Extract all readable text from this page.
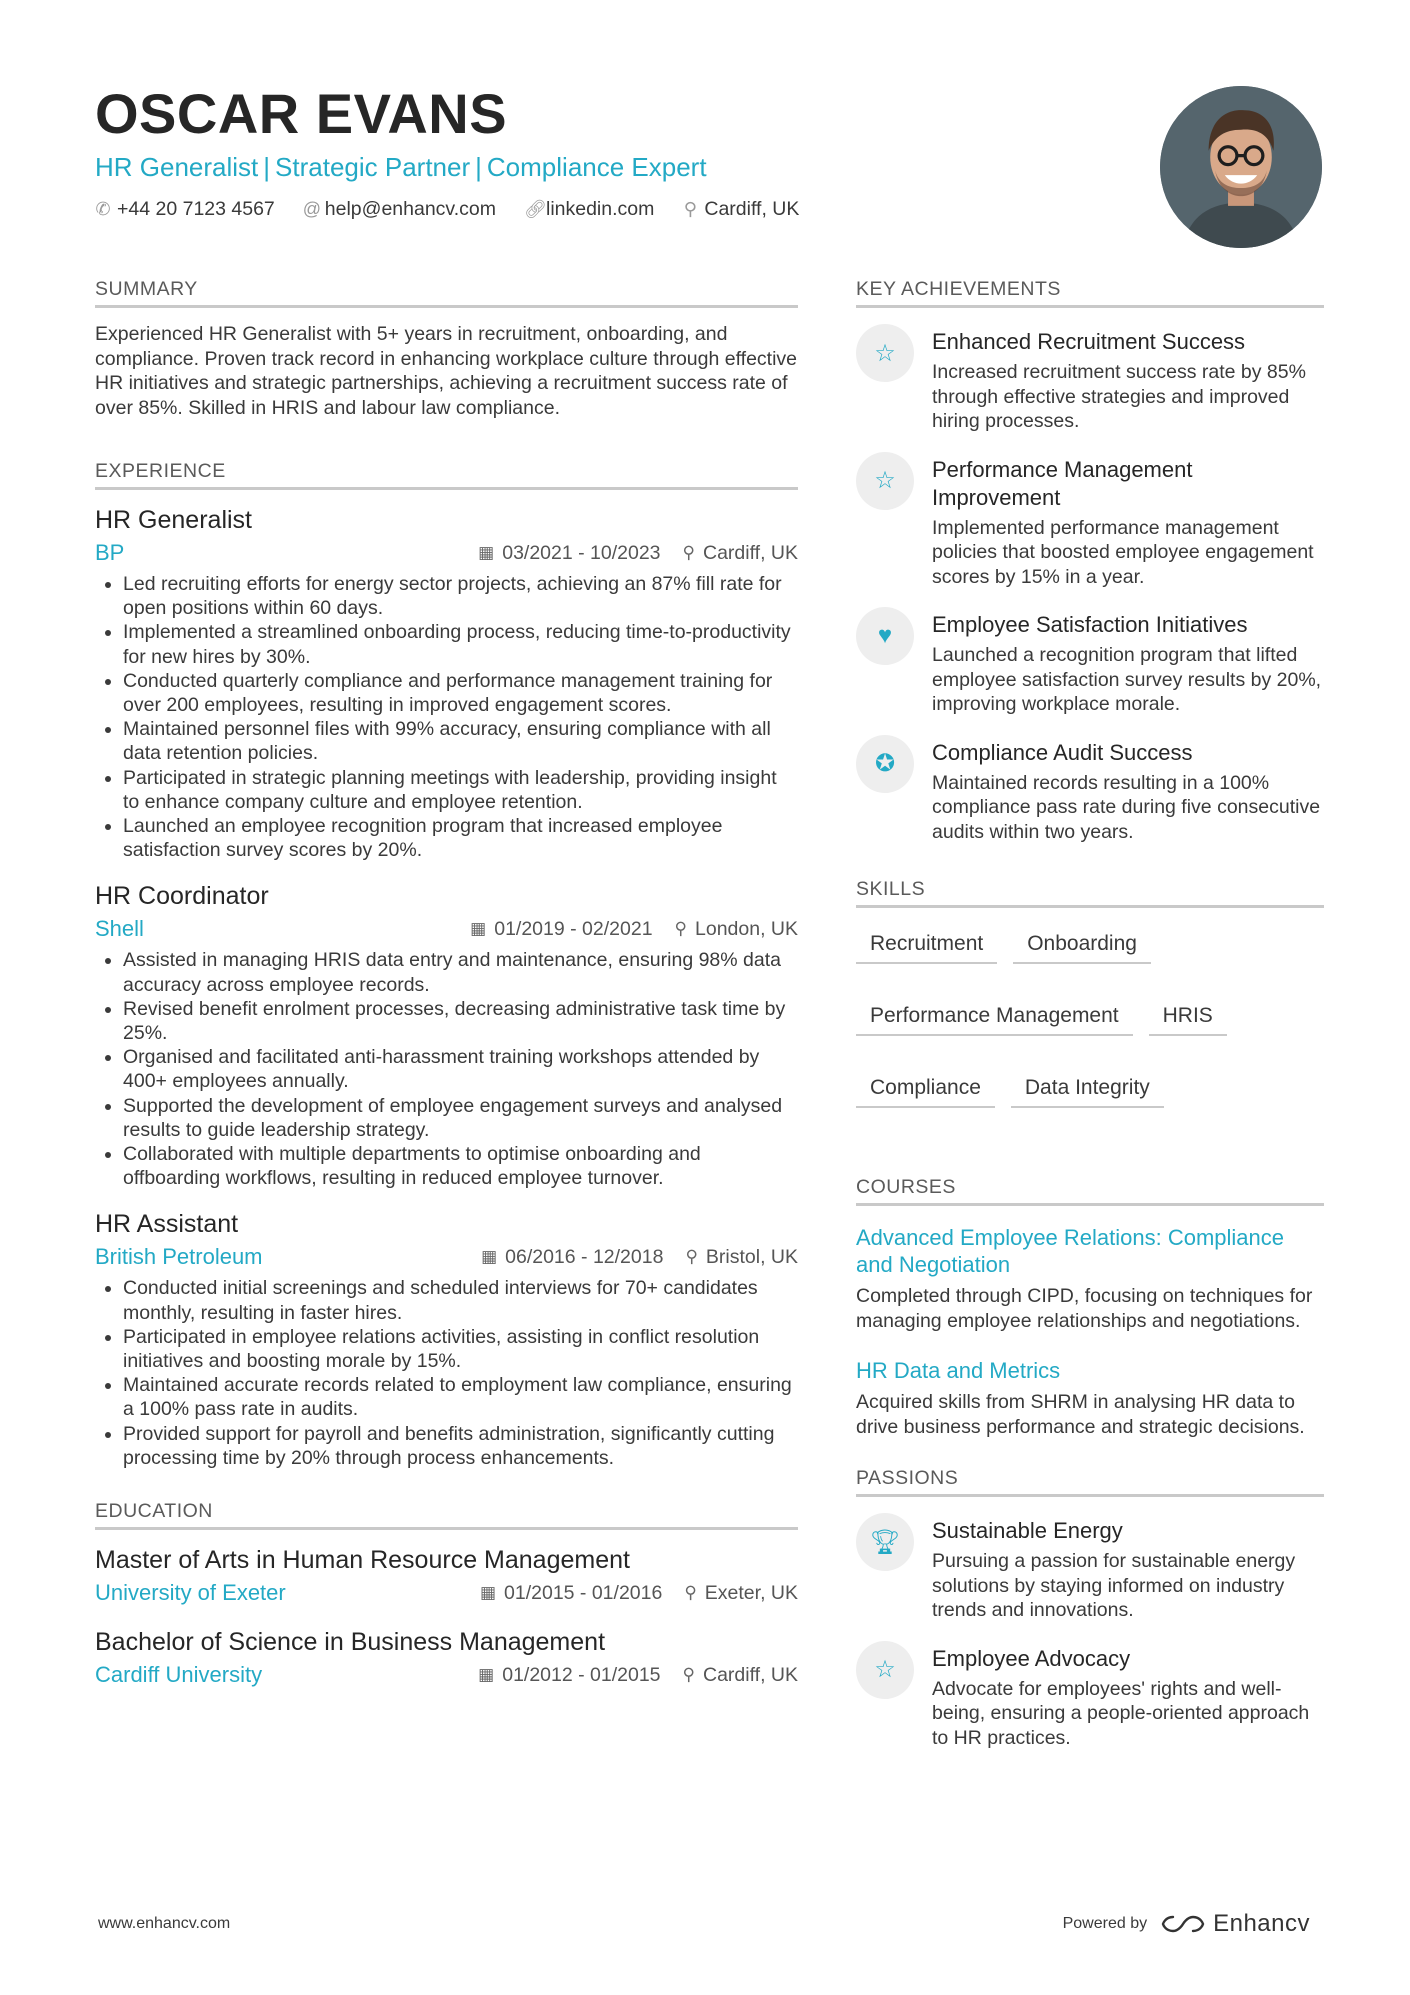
OSCAR EVANS
HR Generalist | Strategic Partner | Compliance Expert
✆ +44 20 7123 4567 @ help@enhancv.com 🔗︎ linkedin.com ⚲ Cardiff, UK
SUMMARY
Experienced HR Generalist with 5+ years in recruitment, onboarding, and compliance. Proven track record in enhancing workplace culture through effective HR initiatives and strategic partnerships, achieving a recruitment success rate of over 85%. Skilled in HRIS and labour law compliance.
EXPERIENCE
HR Generalist
BP	▦ 03/2021 - 10/2023 ⚲ Cardiff, UK
• Led recruiting efforts for energy sector projects, achieving an 87% fill rate for open positions within 60 days.
• Implemented a streamlined onboarding process, reducing time-to-productivity for new hires by 30%.
• Conducted quarterly compliance and performance management training for over 200 employees, resulting in improved engagement scores.
• Maintained personnel files with 99% accuracy, ensuring compliance with all data retention policies.
• Participated in strategic planning meetings with leadership, providing insight to enhance company culture and employee retention.
• Launched an employee recognition program that increased employee satisfaction survey scores by 20%.
HR Coordinator
Shell	▦ 01/2019 - 02/2021 ⚲ London, UK
• Assisted in managing HRIS data entry and maintenance, ensuring 98% data accuracy across employee records.
• Revised benefit enrolment processes, decreasing administrative task time by 25%.
• Organised and facilitated anti-harassment training workshops attended by 400+ employees annually.
• Supported the development of employee engagement surveys and analysed results to guide leadership strategy.
• Collaborated with multiple departments to optimise onboarding and offboarding workflows, resulting in reduced employee turnover.
HR Assistant
British Petroleum	▦ 06/2016 - 12/2018 ⚲ Bristol, UK
• Conducted initial screenings and scheduled interviews for 70+ candidates monthly, resulting in faster hires.
• Participated in employee relations activities, assisting in conflict resolution initiatives and boosting morale by 15%.
• Maintained accurate records related to employment law compliance, ensuring a 100% pass rate in audits.
• Provided support for payroll and benefits administration, significantly cutting processing time by 20% through process enhancements.
EDUCATION
Master of Arts in Human Resource Management
University of Exeter	▦ 01/2015 - 01/2016 ⚲ Exeter, UK
Bachelor of Science in Business Management
Cardiff University	▦ 01/2012 - 01/2015 ⚲ Cardiff, UK
KEY ACHIEVEMENTS
☆	Enhanced Recruitment Success
Increased recruitment success rate by 85% through effective strategies and improved hiring processes.
☆	Performance Management Improvement
Implemented performance management policies that boosted employee engagement scores by 15% in a year.
♥	Employee Satisfaction Initiatives
Launched a recognition program that lifted employee satisfaction survey results by 20%, improving workplace morale.
✪	Compliance Audit Success
Maintained records resulting in a 100% compliance pass rate during five consecutive audits within two years.
SKILLS
Recruitment	Onboarding
Performance Management	HRIS
Compliance	Data Integrity
COURSES
Advanced Employee Relations: Compliance and Negotiation
Completed through CIPD, focusing on techniques for managing employee relationships and negotiations.
HR Data and Metrics
Acquired skills from SHRM in analysing HR data to drive business performance and strategic decisions.
PASSIONS
🏆︎	Sustainable Energy
Pursuing a passion for sustainable energy solutions by staying informed on industry trends and innovations.
☆	Employee Advocacy
Advocate for employees' rights and well-being, ensuring a people-oriented approach to HR practices.
www.enhancv.com	Powered by	Enhancv
